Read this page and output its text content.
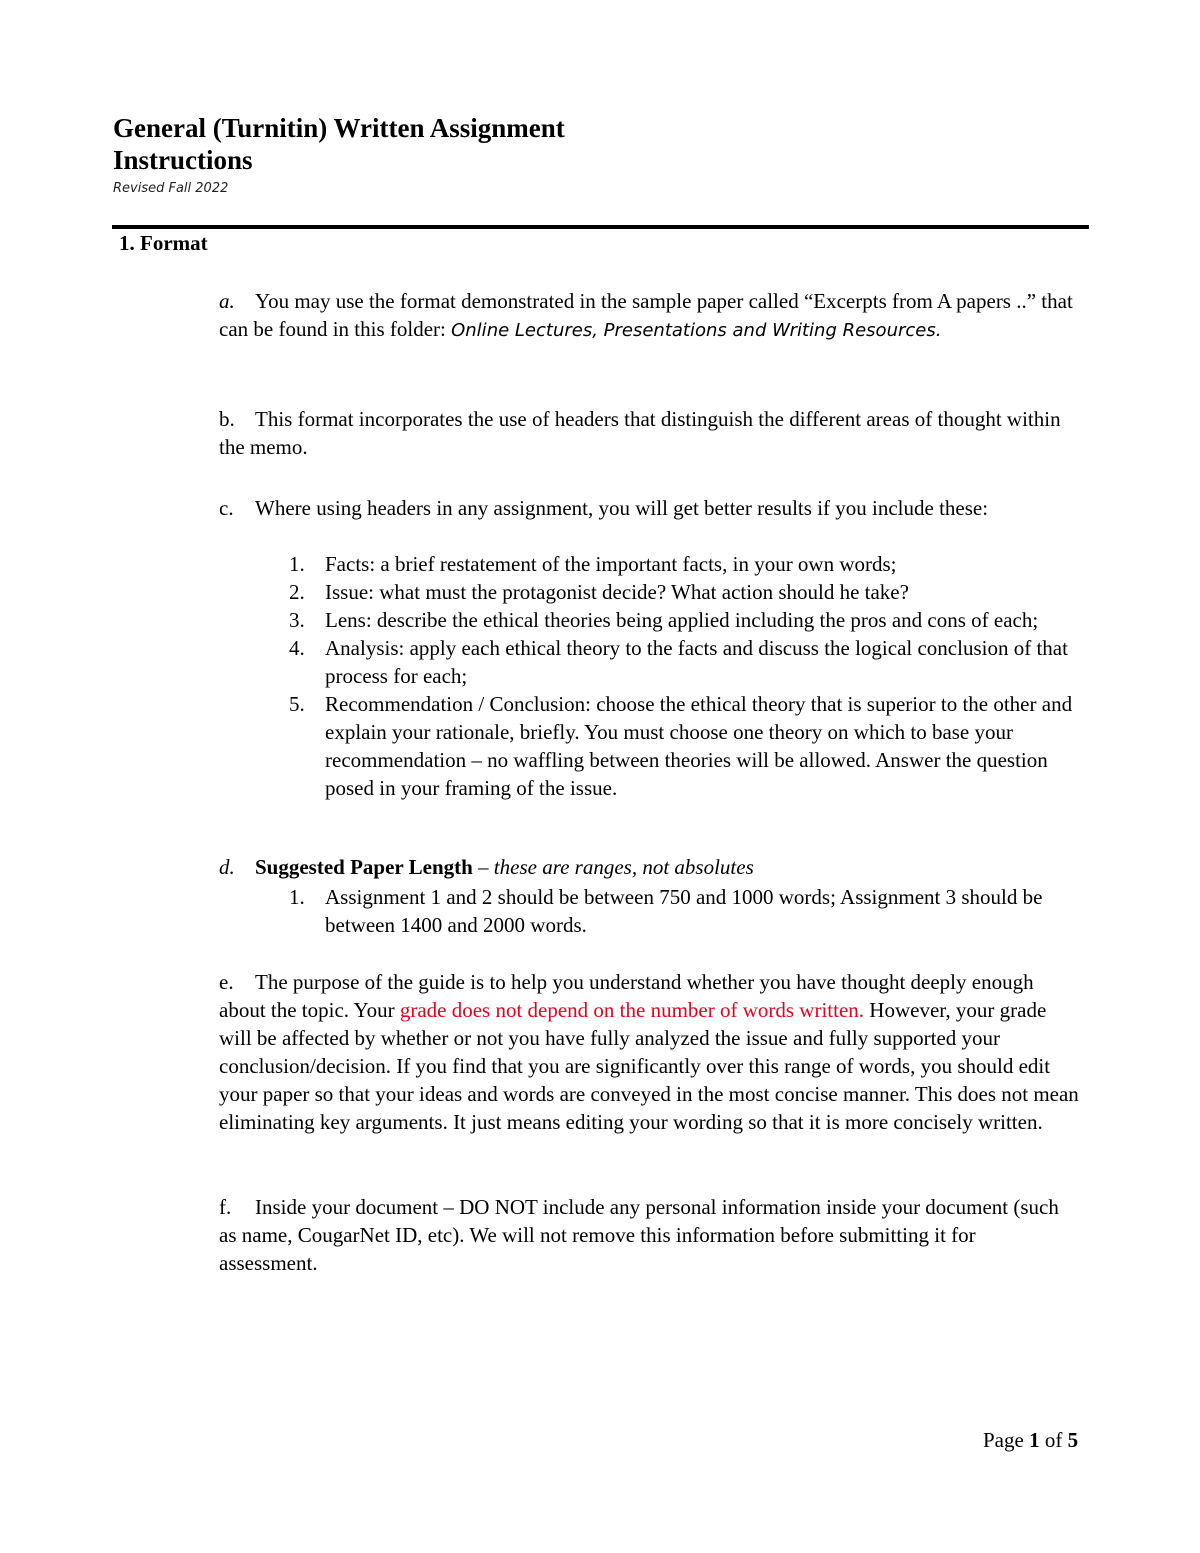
General (Turnitin) Written Assignment
Instructions
Revised Fall 2022
1. Format
a. You may use the format demonstrated in the sample paper called “Excerpts from A papers ..” that can be found in this folder: Online Lectures, Presentations and Writing Resources.
b. This format incorporates the use of headers that distinguish the different areas of thought within the memo.
c. Where using headers in any assignment, you will get better results if you include these:
1. Facts: a brief restatement of the important facts, in your own words;
2. Issue: what must the protagonist decide? What action should he take?
3. Lens: describe the ethical theories being applied including the pros and cons of each;
4. Analysis: apply each ethical theory to the facts and discuss the logical conclusion of that process for each;
5. Recommendation / Conclusion: choose the ethical theory that is superior to the other and explain your rationale, briefly. You must choose one theory on which to base your recommendation – no waffling between theories will be allowed. Answer the question posed in your framing of the issue.
d. Suggested Paper Length – these are ranges, not absolutes
1. Assignment 1 and 2 should be between 750 and 1000 words; Assignment 3 should be between 1400 and 2000 words.
e. The purpose of the guide is to help you understand whether you have thought deeply enough about the topic. Your grade does not depend on the number of words written. However, your grade will be affected by whether or not you have fully analyzed the issue and fully supported your conclusion/decision. If you find that you are significantly over this range of words, you should edit your paper so that your ideas and words are conveyed in the most concise manner. This does not mean eliminating key arguments. It just means editing your wording so that it is more concisely written.
f. Inside your document – DO NOT include any personal information inside your document (such as name, CougarNet ID, etc). We will not remove this information before submitting it for assessment.
Page 1 of 5
